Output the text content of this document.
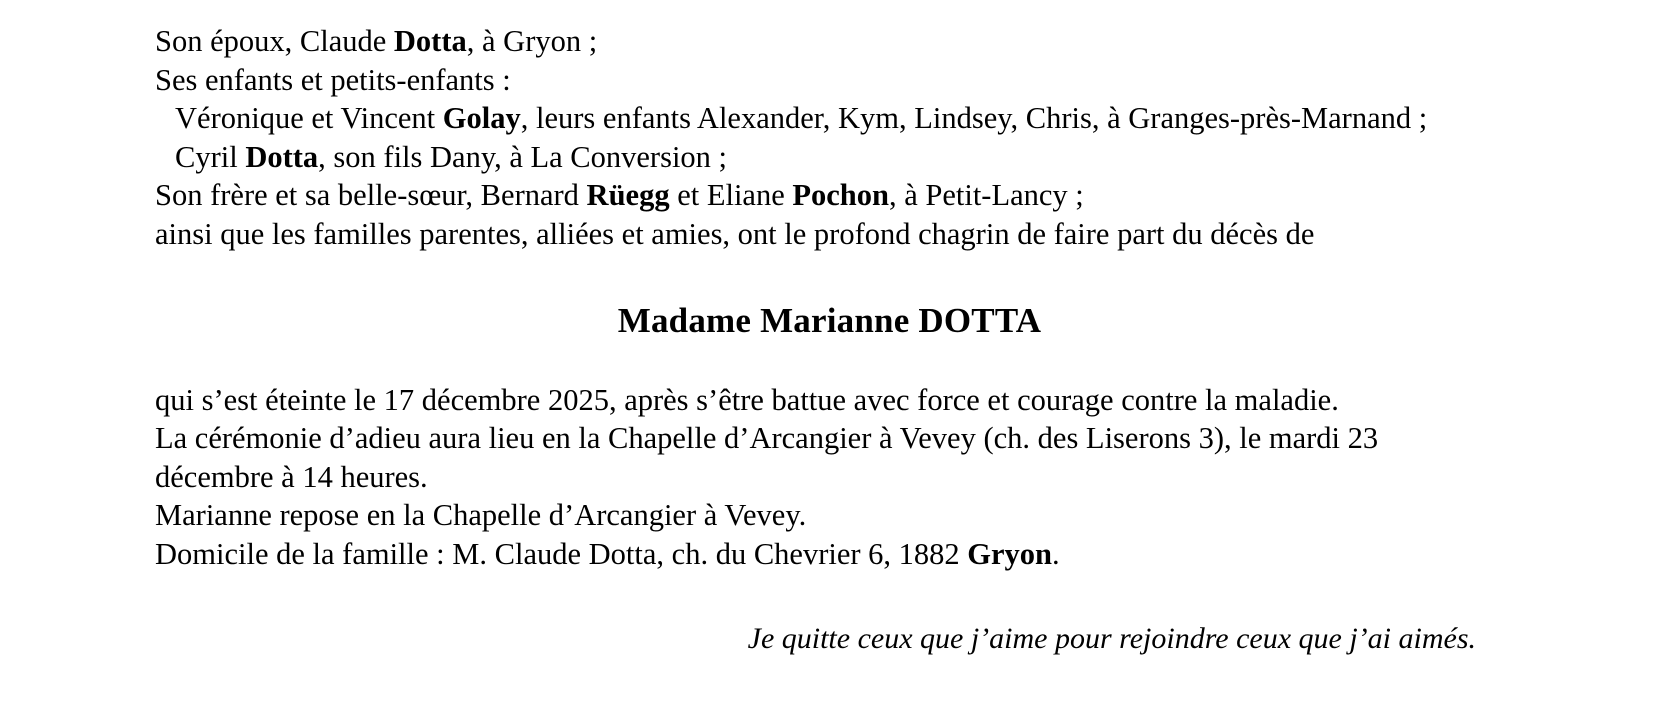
Son époux, Claude Dotta, à Gryon ;
Ses enfants et petits-enfants :
Véronique et Vincent Golay, leurs enfants Alexander, Kym, Lindsey, Chris, à Granges-près-Marnand ;
Cyril Dotta, son fils Dany, à La Conversion ;
Son frère et sa belle-sœur, Bernard Rüegg et Eliane Pochon, à Petit-Lancy ;
ainsi que les familles parentes, alliées et amies, ont le profond chagrin de faire part du décès de
Madame Marianne DOTTA
qui s’est éteinte le 17 décembre 2025, après s’être battue avec force et courage contre la maladie.
La cérémonie d’adieu aura lieu en la Chapelle d’Arcangier à Vevey (ch. des Liserons 3), le mardi 23 décembre à 14 heures.
Marianne repose en la Chapelle d’Arcangier à Vevey.
Domicile de la famille : M. Claude Dotta, ch. du Chevrier 6, 1882 Gryon.
Je quitte ceux que j’aime pour rejoindre ceux que j’ai aimés.
